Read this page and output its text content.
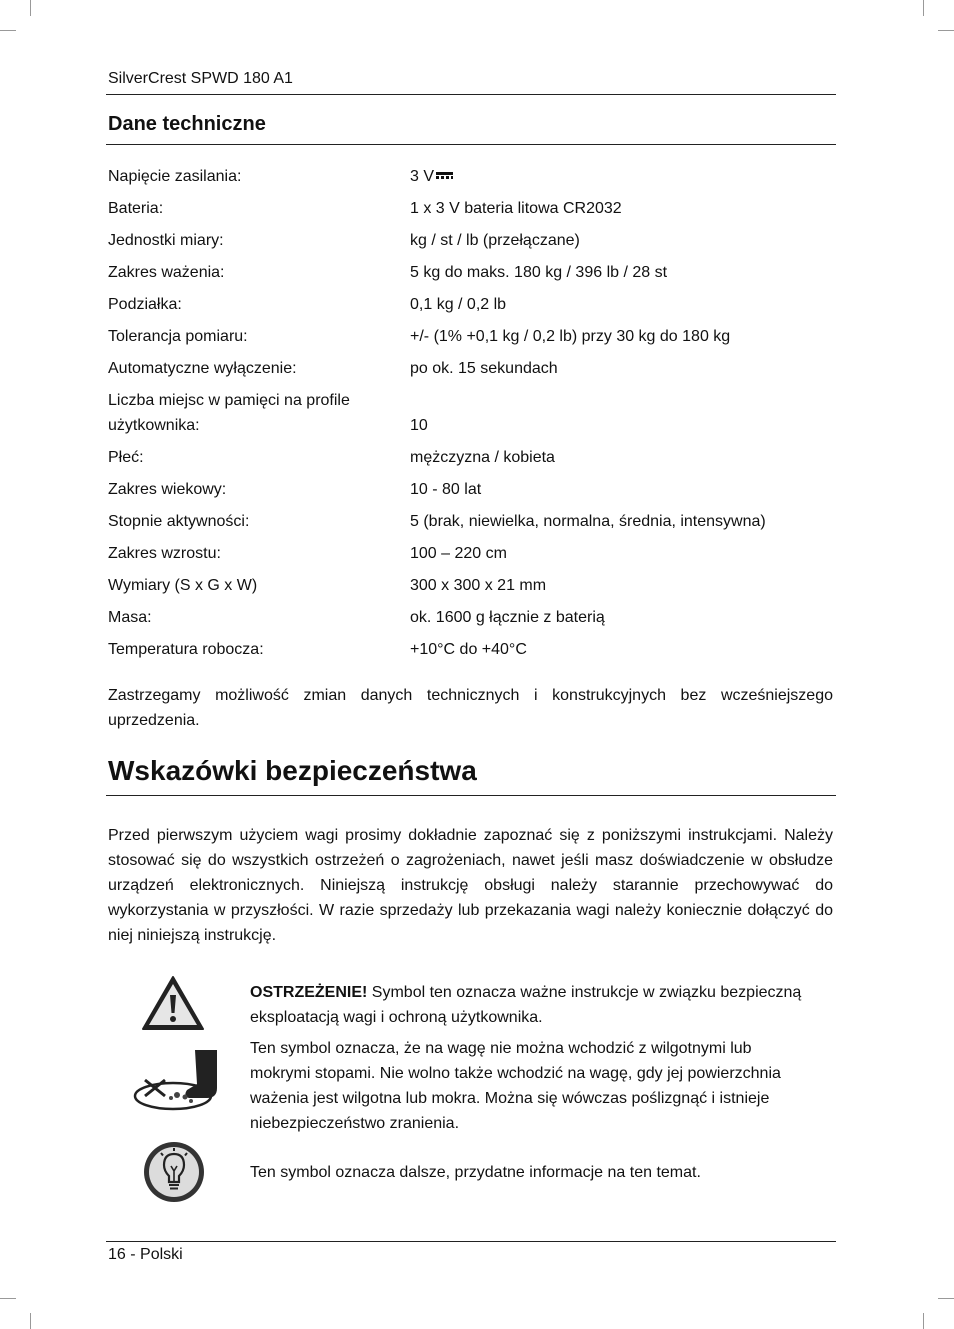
SilverCrest SPWD 180 A1
Dane techniczne
Napięcie zasilania:	3 V
Bateria:	1 x 3 V bateria litowa CR2032
Jednostki miary:	kg / st / lb (przełączane)
Zakres ważenia:	5 kg do maks. 180 kg / 396 lb / 28 st
Podziałka:	0,1 kg / 0,2 lb
Tolerancja pomiaru:	+/- (1% +0,1 kg / 0,2 lb) przy 30 kg do 180 kg
Automatyczne wyłączenie:	po ok. 15 sekundach
Liczba miejsc w pamięci na profile użytkownika:	10
Płeć:	mężczyzna / kobieta
Zakres wiekowy:	10 - 80 lat
Stopnie aktywności:	5 (brak, niewielka, normalna, średnia, intensywna)
Zakres wzrostu:	100 – 220 cm
Wymiary (S x G x W)	300 x 300 x 21 mm
Masa:	ok. 1600 g łącznie z baterią
Temperatura robocza:	+10°C do +40°C
Zastrzegamy możliwość zmian danych technicznych i konstrukcyjnych bez wcześniejszego uprzedzenia.
Wskazówki bezpieczeństwa
Przed pierwszym użyciem wagi prosimy dokładnie zapoznać się z poniższymi instrukcjami. Należy stosować się do wszystkich ostrzeżeń o zagrożeniach, nawet jeśli masz doświadczenie w obsłudze urządzeń elektronicznych. Niniejszą instrukcję obsługi należy starannie przechowywać do wykorzystania w przyszłości. W razie sprzedaży lub przekazania wagi należy koniecznie dołączyć do niej niniejszą instrukcję.
OSTRZEŻENIE! Symbol ten oznacza ważne instrukcje w związku bezpieczną eksploatacją wagi i ochroną użytkownika.
Ten symbol oznacza, że na wagę nie można wchodzić z wilgotnymi lub mokrymi stopami. Nie wolno także wchodzić na wagę, gdy jej powierzchnia ważenia jest wilgotna lub mokra. Można się wówczas poślizgnąć i istnieje niebezpieczeństwo zranienia.
Ten symbol oznacza dalsze, przydatne informacje na ten temat.
16 - Polski
